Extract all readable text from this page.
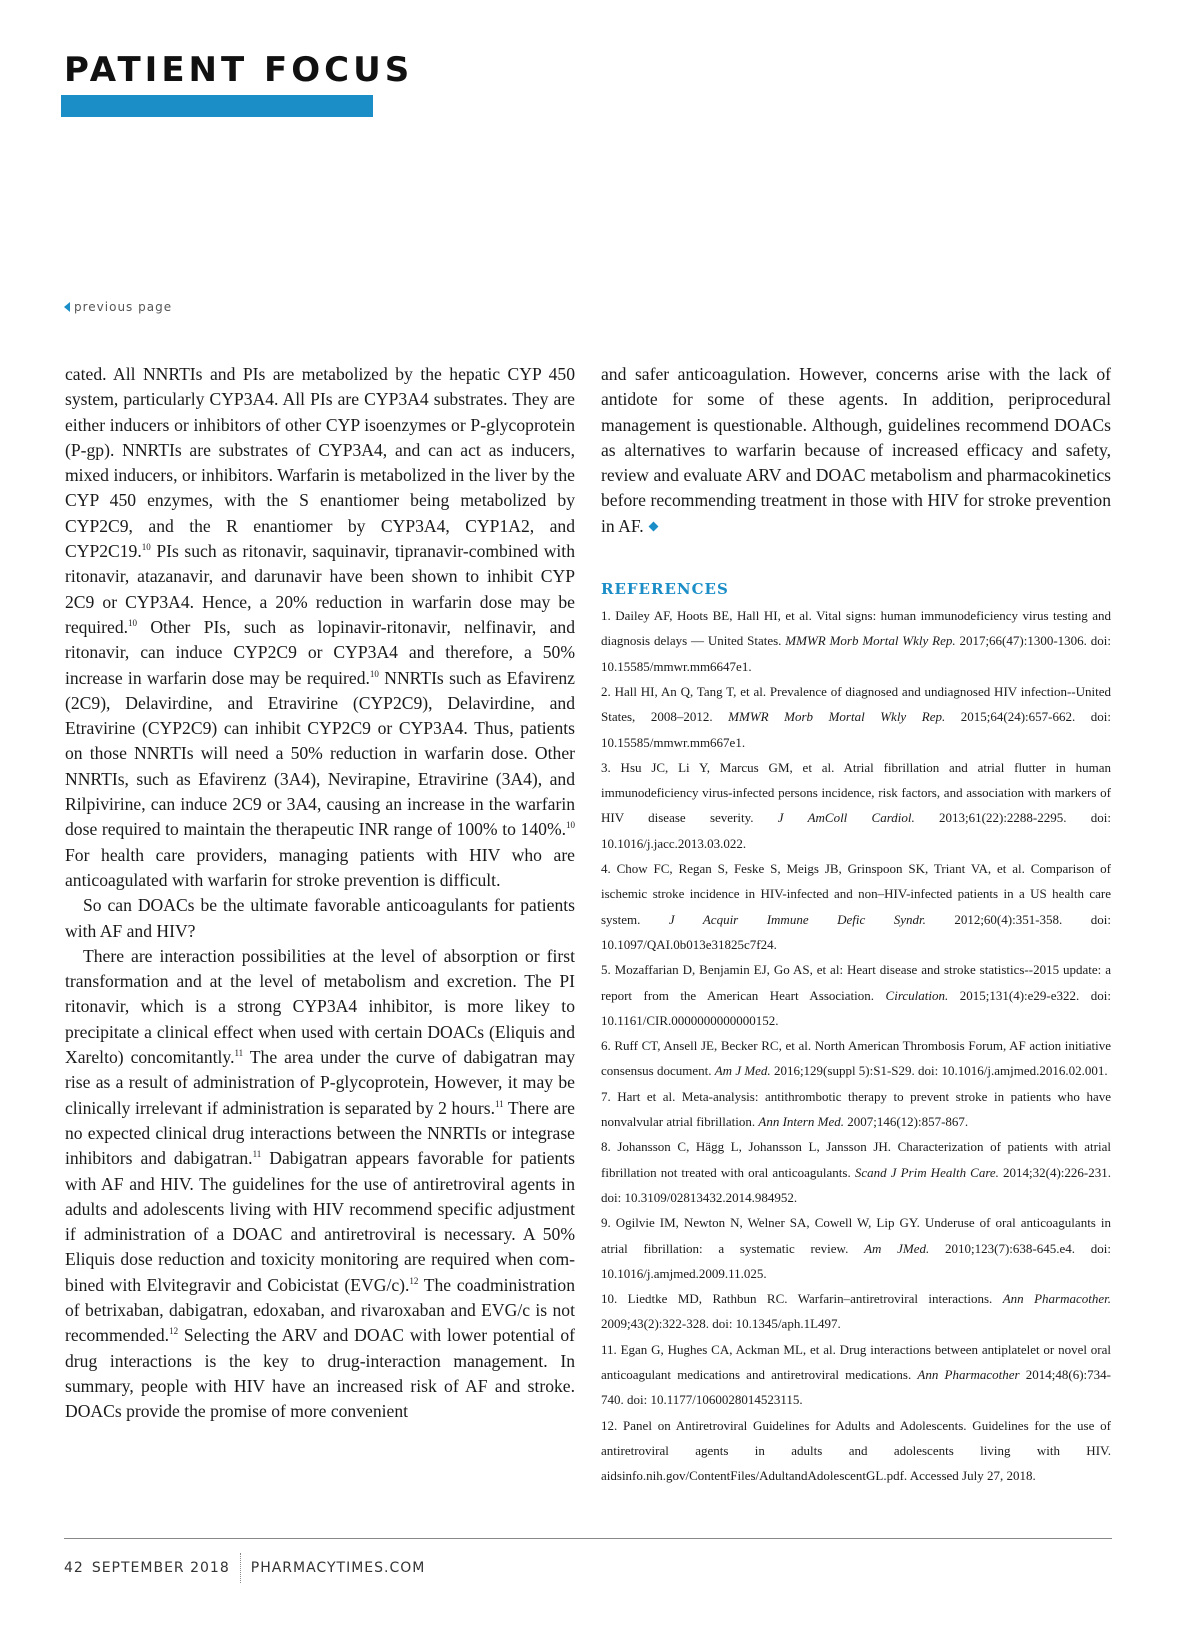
PATIENT FOCUS
previous page

cated. All NNRTIs and PIs are metabolized by the hepatic CYP 450 system, particularly CYP3A4. All PIs are CYP3A4 substrates. They are either inducers or inhibitors of other CYP isoenzymes or P-glycoprotein (P-gp). NNRTIs are substrates of CYP3A4, and can act as inducers, mixed inducers, or inhibitors. Warfarin is metabolized in the liver by the CYP 450 enzymes, with the S enantiomer being metabolized by CYP2C9, and the R enantiomer by CYP3A4, CYP1A2, and CYP2C19.10 PIs such as ritonavir, saquinavir, tipranavir-combined with ritonavir, atazanavir, and darunavir have been shown to inhibit CYP 2C9 or CYP3A4. Hence, a 20% reduction in warfarin dose may be required.$^{10}$ Other PIs, such as lopinavir-ritonavir, nelfinavir, and ritonavir, can induce CYP2C9 or CYP3A4 and therefore, a 50% increase in warfarin dose may be required.$^{10}$ NNRTIs such as Efavirenz (2C9), Delavirdine, and Etravirine (CYP2C9), Delavirdine, and Etravirine (CYP2C9) can inhibit CYP2C9 or CYP3A4. Thus, patients on those NNRTIs will need a 50% reduction in warfarin dose. Other NNRTIs, such as Efavirenz (3A4), Nevirapine, Etravirine (3A4), and Rilpivirine, can induce 2C9 or 3A4, causing an increase in the warfarin dose required to maintain the therapeutic INR range of 100% to 140%.$^{10}$ For health care providers, managing patients with HIV who are anticoagulated with warfarin for stroke prevention is difficult.

So can DOACs be the ultimate favorable anticoagulants for patients with AF and HIV?

There are interaction possibilities at the level of absorption or first transformation and at the level of metabolism and excretion. The PI ritonavir, which is a strong CYP3A4 inhibitor, is more likey to precipitate a clinical effect when used with certain DOACs (Eliquis and Xarelto) concomitantly.$^{11}$ The area under the curve of dabigatran may rise as a result of administration of P-glycoprotein, However, it may be clinically irrelevant if administration is separated by 2 hours.$^{11}$ There are no expected clinical drug interactions between the NNRTIs or integrase inhibitors and dabigatran.$^{11}$ Dabigatran appears favorable for patients with AF and HIV. The guidelines for the use of antiretroviral agents in adults and adolescents living with HIV recommend specific adjustment if administration of a DOAC and antiretroviral is necessary. A 50% Eliquis dose reduction and toxicity monitoring are required when combined with Elvitegravir and Cobicistat (EVG/c).$^{12}$ The coadministration of betrixaban, dabigatran, edoxaban, and rivaroxaban and EVG/c is not recommended.$^{12}$ Selecting the ARV and DOAC with lower potential of drug interactions is the key to drug-interaction management. In summary, people with HIV have an increased risk of AF and stroke. DOACs provide the promise of more convenient

and safer anticoagulation. However, concerns arise with the lack of antidote for some of these agents. In addition, periprocedural management is questionable. Although, guidelines recommend DOACs as alternatives to warfarin because of increased efficacy and safety, review and evaluate ARV and DOAC metabolism and pharmacokinetics before recommending treatment in those with HIV for stroke prevention in AF.

REFERENCES
1. Dailey AF, Hoots BE, Hall HI, et al. Vital signs: human immunodeficiency virus testing and diagnosis delays — United States. MMWR Morb Mortal Wkly Rep. 2017;66(47):1300-1306. doi: 10.15585/mmwr.mm6647e1.
2. Hall HI, An Q, Tang T, et al. Prevalence of diagnosed and undiagnosed HIV infection--United States, 2008–2012. MMWR Morb Mortal Wkly Rep. 2015;64(24):657-662. doi: 10.15585/mmwr.mm667e1.
3. Hsu JC, Li Y, Marcus GM, et al. Atrial fibrillation and atrial flutter in human immunodeficiency virus-infected persons incidence, risk factors, and association with markers of HIV disease severity. J AmColl Cardiol. 2013;61(22):2288-2295. doi: 10.1016/j.jacc.2013.03.022.
4. Chow FC, Regan S, Feske S, Meigs JB, Grinspoon SK, Triant VA, et al. Comparison of ischemic stroke incidence in HIV-infected and non–HIV-infected patients in a US health care system. J Acquir Immune Defic Syndr. 2012;60(4):351-358. doi: 10.1097/QAI.0b013e31825c7f24.
5. Mozaffarian D, Benjamin EJ, Go AS, et al: Heart disease and stroke statistics--2015 update: a report from the American Heart Association. Circulation. 2015;131(4):e29-e322. doi: 10.1161/CIR.0000000000000152.
6. Ruff CT, Ansell JE, Becker RC, et al. North American Thrombosis Forum, AF action initiative consensus document. Am J Med. 2016;129(suppl 5):S1-S29. doi: 10.1016/j.amjmed.2016.02.001.
7. Hart et al. Meta-analysis: antithrombotic therapy to prevent stroke in patients who have nonvalvular atrial fibrillation. Ann Intern Med. 2007;146(12):857-867.
8. Johansson C, Hägg L, Johansson L, Jansson JH. Characterization of patients with atrial fibrillation not treated with oral anticoagulants. Scand J Prim Health Care. 2014;32(4):226-231. doi: 10.3109/02813432.2014.984952.
9. Ogilvie IM, Newton N, Welner SA, Cowell W, Lip GY. Underuse of oral anticoagulants in atrial fibrillation: a systematic review. Am JMed. 2010;123(7):638-645.e4. doi: 10.1016/j.amjmed.2009.11.025.
10. Liedtke MD, Rathbun RC. Warfarin–antiretroviral interactions. Ann Pharmacother. 2009;43(2):322-328. doi: 10.1345/aph.1L497.
11. Egan G, Hughes CA, Ackman ML, et al. Drug interactions between antiplatelet or novel oral anticoagulant medications and antiretroviral medications. Ann Pharmacother 2014;48(6):734-740. doi: 10.1177/1060028014523115.
12. Panel on Antiretroviral Guidelines for Adults and Adolescents. Guidelines for the use of antiretroviral agents in adults and adolescents living with HIV. aidsinfo.nih.gov/ContentFiles/AdultandAdolescentGL.pdf. Accessed July 27, 2018.
42 SEPTEMBER 2018 PHARMACYTIMES.COM
